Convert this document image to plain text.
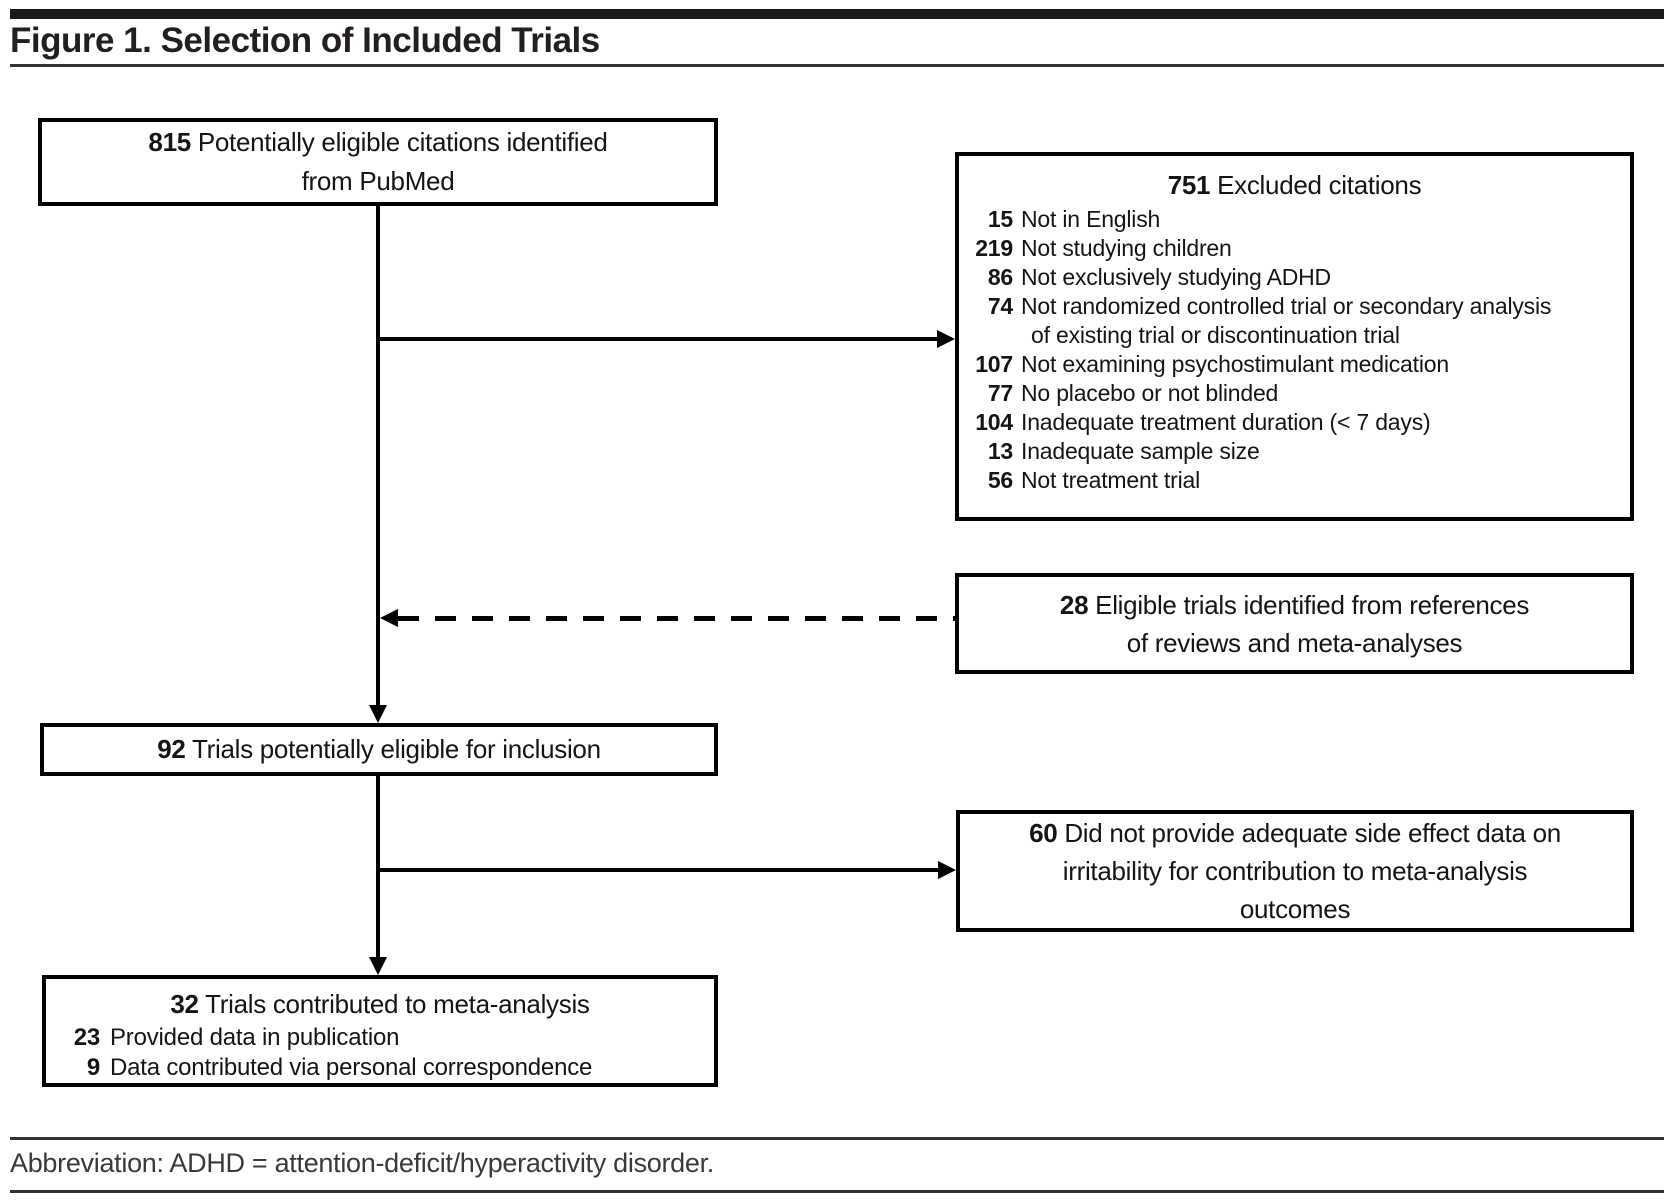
Figure 1. Selection of Included Trials
815 Potentially eligible citations identified
from PubMed	751 Excluded citations
15 Not in English
219 Not studying children
86 Not exclusively studying ADHD
74 Not randomized controlled trial or secondary analysis
of existing trial or discontinuation trial
107 Not examining psychostimulant medication
77 No placebo or not blinded
104 Inadequate treatment duration (< 7 days)
13 Inadequate sample size
56 Not treatment trial
28 Eligible trials identified from references
of reviews and meta-analyses
92 Trials potentially eligible for inclusion
60 Did not provide adequate side effect data on
irritability for contribution to meta-analysis
outcomes
32 Trials contributed to meta-analysis
23 Provided data in publication
9 Data contributed via personal correspondence
Abbreviation: ADHD = attention-deficit/hyperactivity disorder.
